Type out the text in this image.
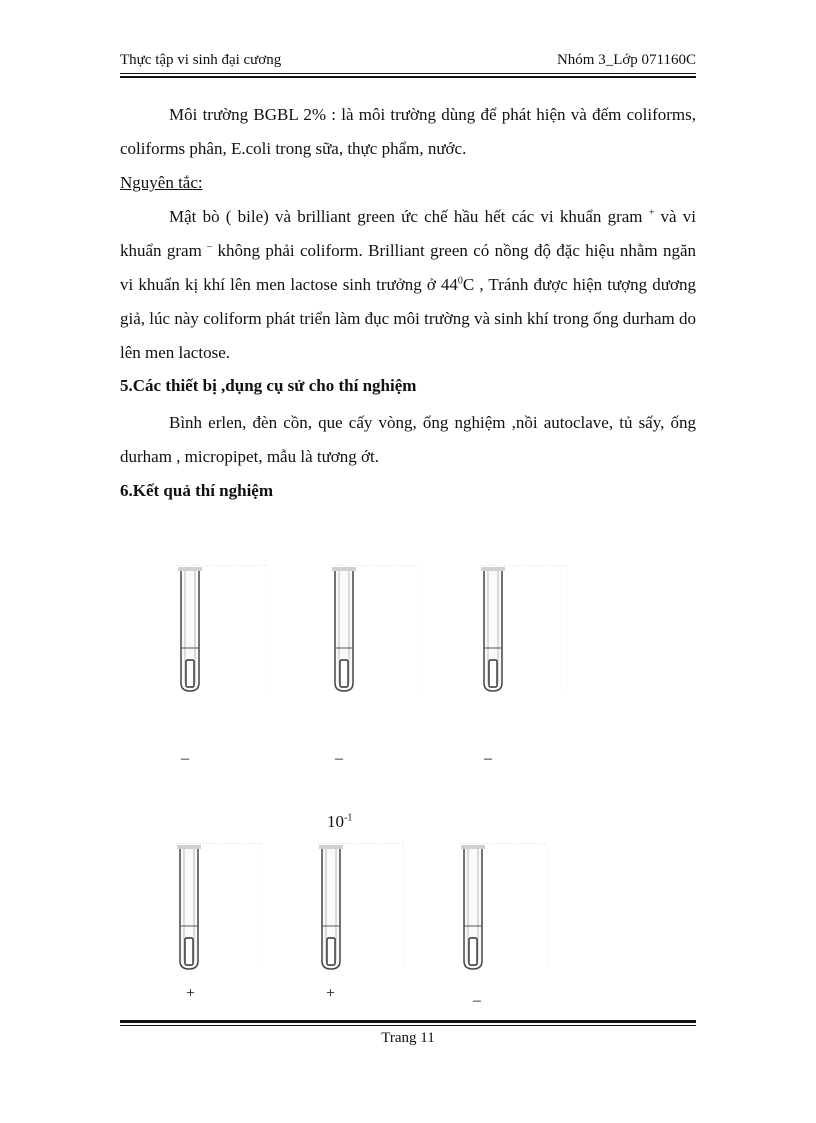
Thực tập vi sinh đại cương	Nhóm 3_Lớp 071160C
Môi trường BGBL 2% : là môi trường dùng để phát hiện và đếm coliforms, coliforms phân, E.coli trong sữa, thực phẩm, nước.
Nguyên tắc:
Mật bò ( bile) và brilliant green ức chế hầu hết các vi khuẩn gram + và vi khuẩn gram – không phải coliform. Brilliant green có nồng độ đặc hiệu nhằm ngăn vi khuẩn kị khí lên men lactose sinh trưởng ở $44^0C$ , Tránh được hiện tượng dương giả, lúc này coliform phát triển làm đục môi trường và sinh khí trong ống durham do lên men lactose.
5.Các thiết bị ,dụng cụ sử cho thí nghiệm
Bình erlen, đèn cồn, que cấy vòng, ống nghiệm ,nồi autoclave, tủ sấy, ống durham , micropipet, mẫu là tương ớt.
6.Kết quả thí nghiệm
–	–	–
$10^{-1}$
+	+	–
Trang 11
